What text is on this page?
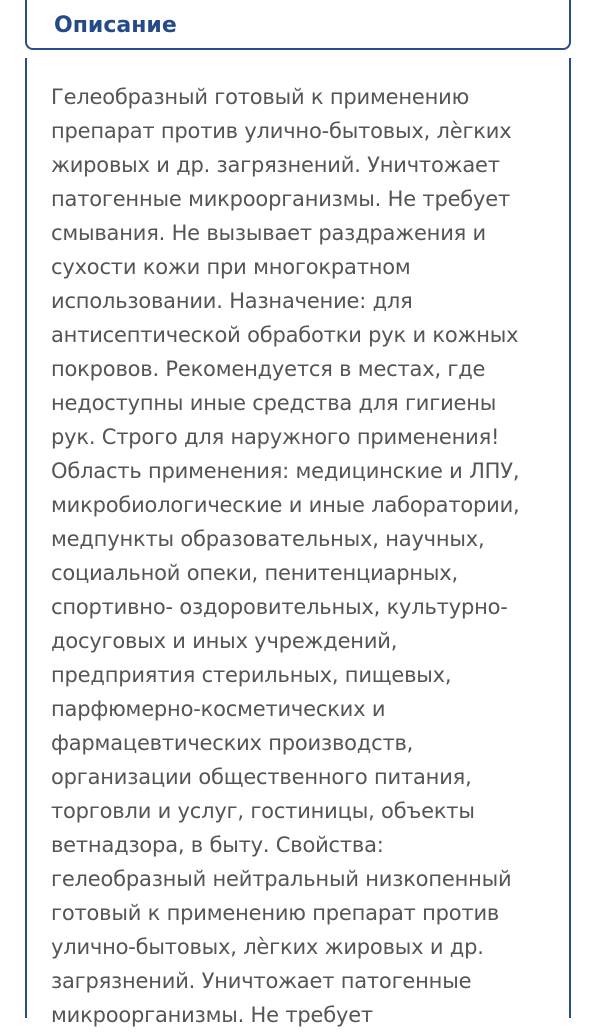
Описание

Гелеобразный готовый к применению
препарат против улично-бытовых, лѐгких
жировых и др. загрязнений. Уничтожает
патогенные микроорганизмы. Не требует
смывания. Не вызывает раздражения и
сухости кожи при многократном
использовании. Назначение: для
антисептической обработки рук и кожных
покровов. Рекомендуется в местах, где
недоступны иные средства для гигиены
рук. Строго для наружного применения!
Область применения: медицинские и ЛПУ,
микробиологические и иные лаборатории,
медпункты образовательных, научных,
социальной опеки, пенитенциарных,
спортивно- оздоровительных, культурно-
досуговых и иных учреждений,
предприятия стерильных, пищевых,
парфюмерно-косметических и
фармацевтических производств,
организации общественного питания,
торговли и услуг, гостиницы, объекты
ветнадзора, в быту. Свойства:
гелеобразный нейтральный низкопенный
готовый к применению препарат против
улично-бытовых, лѐгких жировых и др.
загрязнений. Уничтожает патогенные
микроорганизмы. Не требует
